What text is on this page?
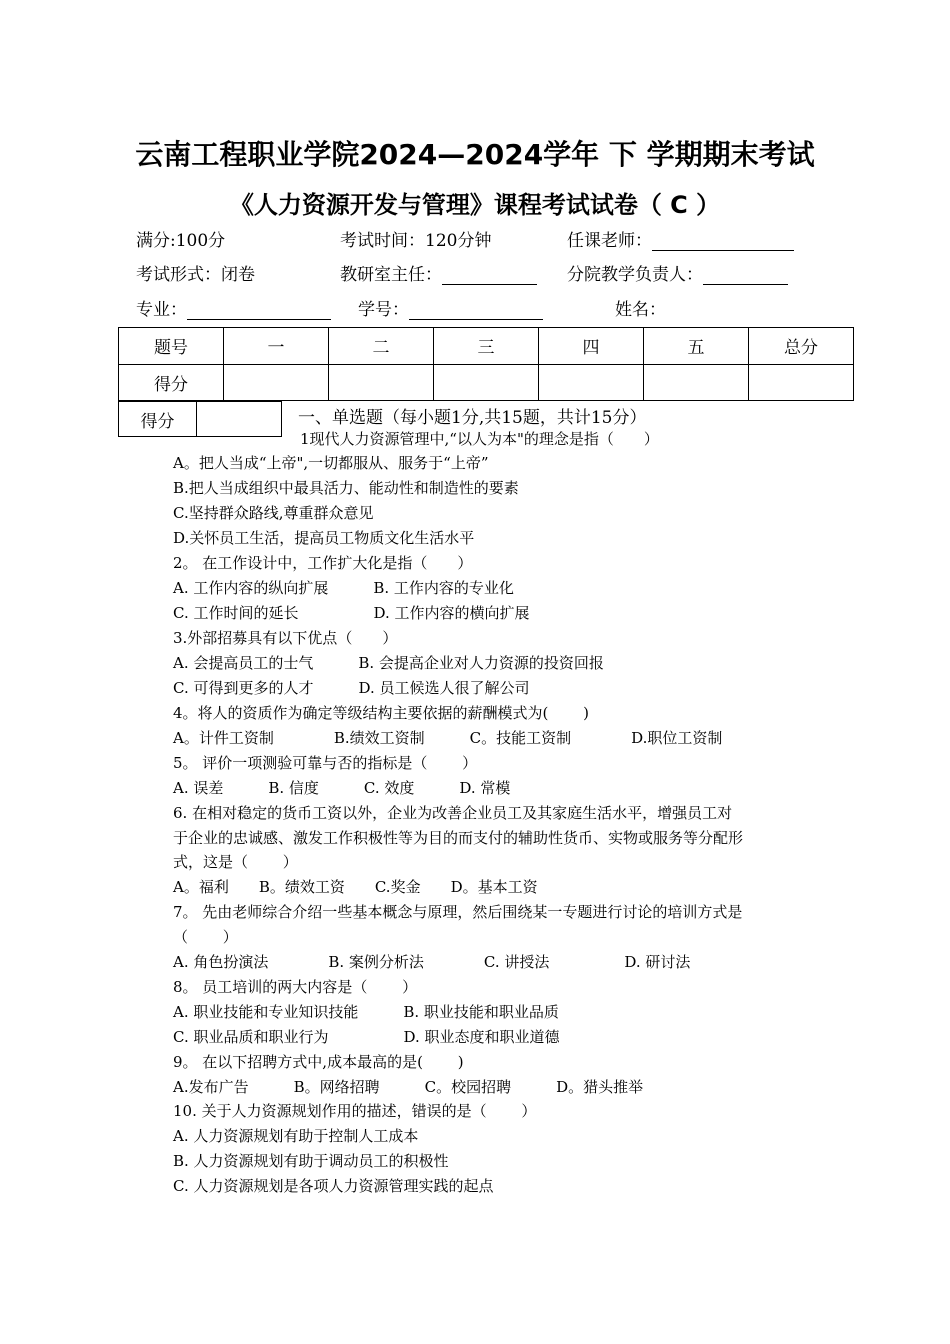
云南工程职业学院2024—2024学年 下 学期期末考试
《人力资源开发与管理》课程考试试卷（ C ）
满分:100分	考试时间：120分钟	任课老师：
考试形式：闭卷	教研室主任：	分院教学负责人：
专业：	学号：	姓名：
题号	一	二	三	四	五	总分
得分						
得分		一、单选题（每小题1分,共15题，共计15分）
1现代人力资源管理中,“以人为本"的理念是指（　　）
A。把人当成“上帝",一切都服从、服务于“上帝”
B.把人当成组织中最具活力、能动性和制造性的要素
C.坚持群众路线,尊重群众意见
D.关怀员工生活，提高员工物质文化生活水平
2。 在工作设计中，工作扩大化是指（　　）
A. 工作内容的纵向扩展　　　B. 工作内容的专业化
C. 工作时间的延长　　　　　D. 工作内容的横向扩展
3.外部招募具有以下优点（　　）
A. 会提高员工的士气　　　B. 会提高企业对人力资源的投资回报
C. 可得到更多的人才　　　D. 员工候选人很了解公司
4。将人的资质作为确定等级结构主要依据的薪酬模式为(　　 )
A。计件工资制　　　　B.绩效工资制　　　C。技能工资制　　　　D.职位工资制
5。 评价一项测验可靠与否的指标是（　　 ）
A. 误差　　　B. 信度　　　C. 效度　　　D. 常模
6. 在相对稳定的货币工资以外，企业为改善企业员工及其家庭生活水平，增强员工对
于企业的忠诚感、激发工作积极性等为目的而支付的辅助性货币、实物或服务等分配形
式，这是（　　 ）
A。福利　　B。绩效工资　　C.奖金　　D。基本工资
7。 先由老师综合介绍一些基本概念与原理，然后围绕某一专题进行讨论的培训方式是
（　　 ）
A. 角色扮演法　　　　B. 案例分析法　　　　C. 讲授法　　　　　D. 研讨法
8。 员工培训的两大内容是（　　 ）
A. 职业技能和专业知识技能　　　B. 职业技能和职业品质
C. 职业品质和职业行为　　　　　D. 职业态度和职业道德
9。 在以下招聘方式中,成本最高的是(　　 )
A.发布广告　　　B。网络招聘　　　C。校园招聘　　　D。猎头推举
10. 关于人力资源规划作用的描述，错误的是（　　 ）
A. 人力资源规划有助于控制人工成本
B. 人力资源规划有助于调动员工的积极性
C. 人力资源规划是各项人力资源管理实践的起点
